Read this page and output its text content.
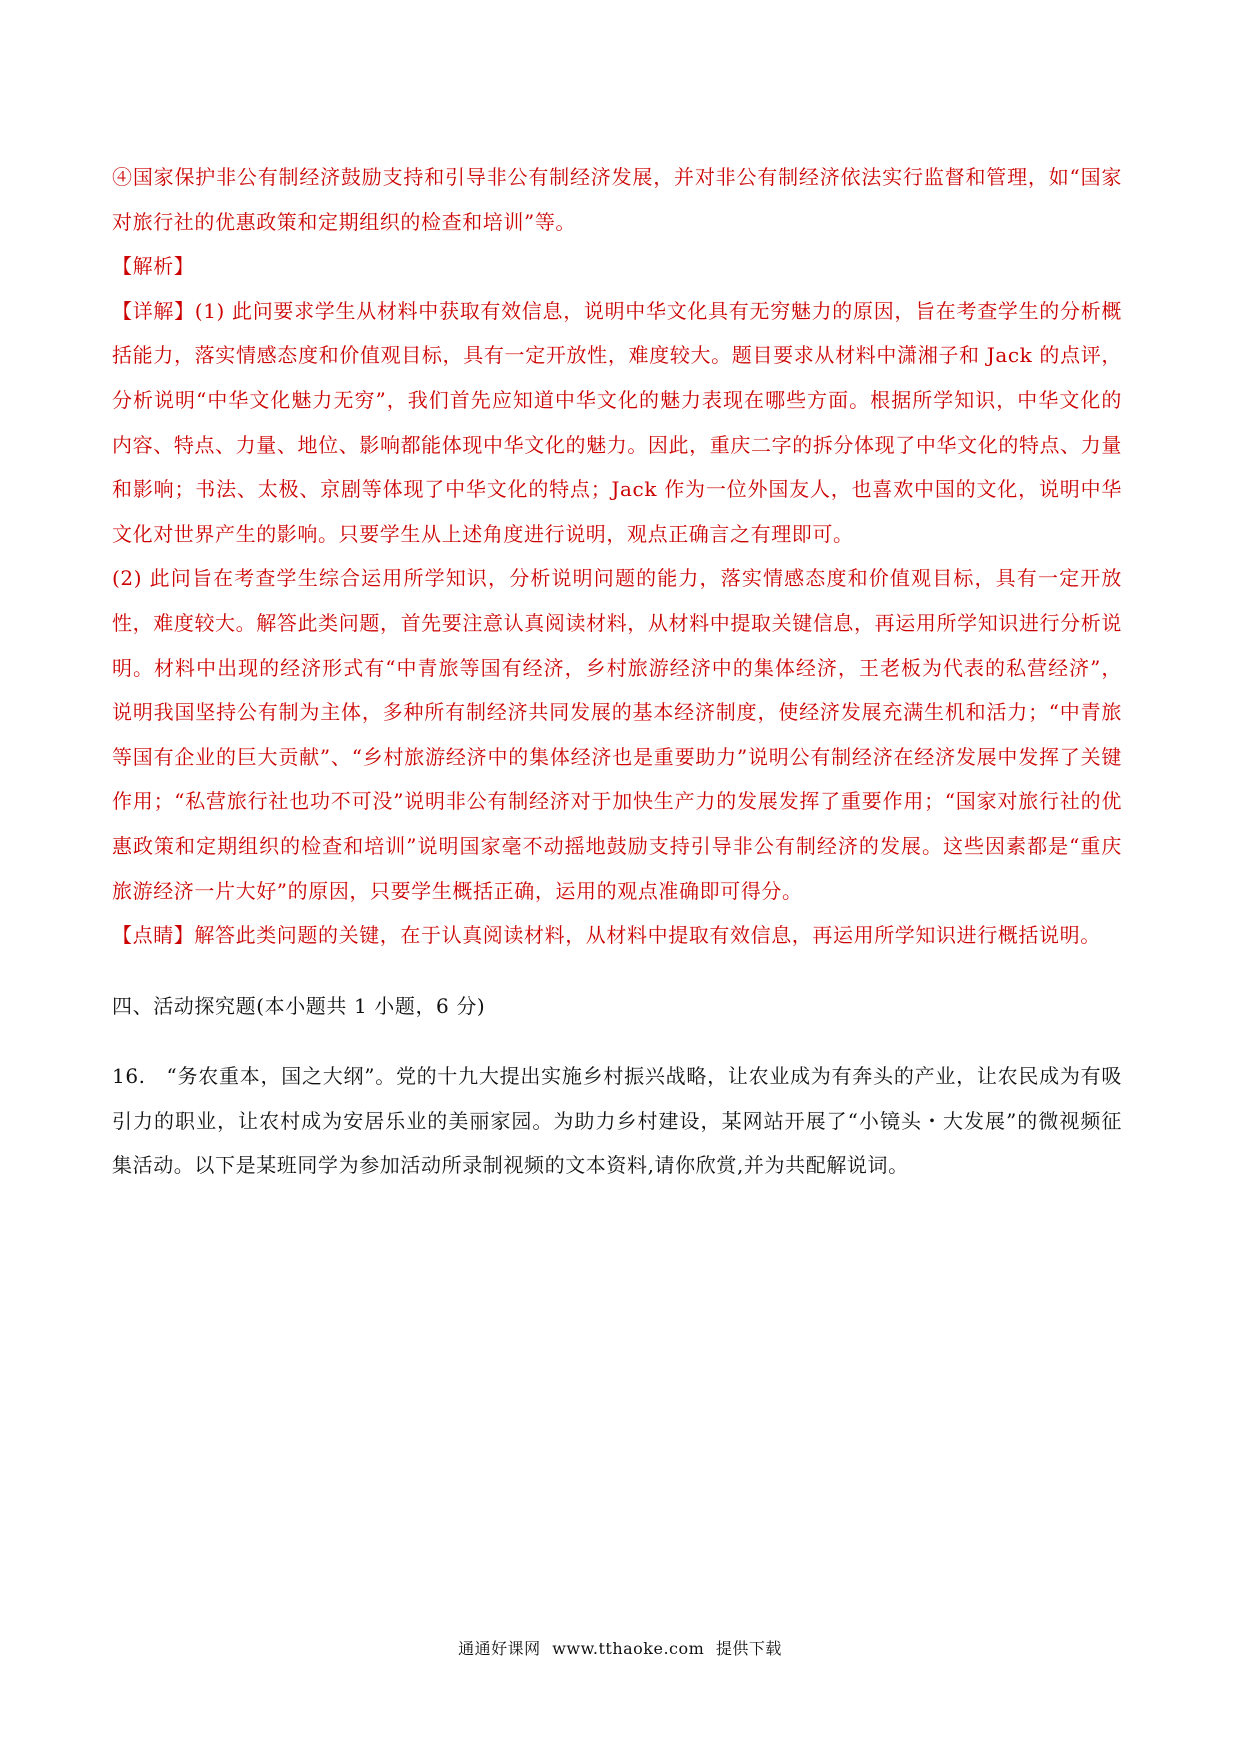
④国家保护非公有制经济鼓励支持和引导非公有制经济发展，并对非公有制经济依法实行监督和管理，如“国家对旅行社的优惠政策和定期组织的检查和培训”等。

【解析】

【详解】(1) 此问要求学生从材料中获取有效信息，说明中华文化具有无穷魅力的原因，旨在考查学生的分析概括能力，落实情感态度和价值观目标，具有一定开放性，难度较大。题目要求从材料中潇湘子和 Jack 的点评，分析说明“中华文化魅力无穷”，我们首先应知道中华文化的魅力表现在哪些方面。根据所学知识，中华文化的内容、特点、力量、地位、影响都能体现中华文化的魅力。因此，重庆二字的拆分体现了中华文化的特点、力量和影响；书法、太极、京剧等体现了中华文化的特点；Jack 作为一位外国友人，也喜欢中国的文化，说明中华文化对世界产生的影响。只要学生从上述角度进行说明，观点正确言之有理即可。

(2) 此问旨在考查学生综合运用所学知识，分析说明问题的能力，落实情感态度和价值观目标，具有一定开放性，难度较大。解答此类问题，首先要注意认真阅读材料，从材料中提取关键信息，再运用所学知识进行分析说明。材料中出现的经济形式有“中青旅等国有经济，乡村旅游经济中的集体经济，王老板为代表的私营经济”，说明我国坚持公有制为主体，多种所有制经济共同发展的基本经济制度，使经济发展充满生机和活力；“中青旅等国有企业的巨大贡献”、“乡村旅游经济中的集体经济也是重要助力”说明公有制经济在经济发展中发挥了关键作用；“私营旅行社也功不可没”说明非公有制经济对于加快生产力的发展发挥了重要作用；“国家对旅行社的优惠政策和定期组织的检查和培训”说明国家毫不动摇地鼓励支持引导非公有制经济的发展。这些因素都是“重庆旅游经济一片大好”的原因，只要学生概括正确，运用的观点准确即可得分。

【点睛】解答此类问题的关键，在于认真阅读材料，从材料中提取有效信息，再运用所学知识进行概括说明。

四、活动探究题(本小题共 1 小题，6 分)

16.　“务农重本，国之大纲”。党的十九大提出实施乡村振兴战略，让农业成为有奔头的产业，让农民成为有吸引力的职业，让农村成为安居乐业的美丽家园。为助力乡村建设，某网站开展了“小镜头・大发展”的微视频征集活动。以下是某班同学为参加活动所录制视频的文本资料,请你欣赏,并为共配解说词。

通通好课网 www.tthaoke.com 提供下载
